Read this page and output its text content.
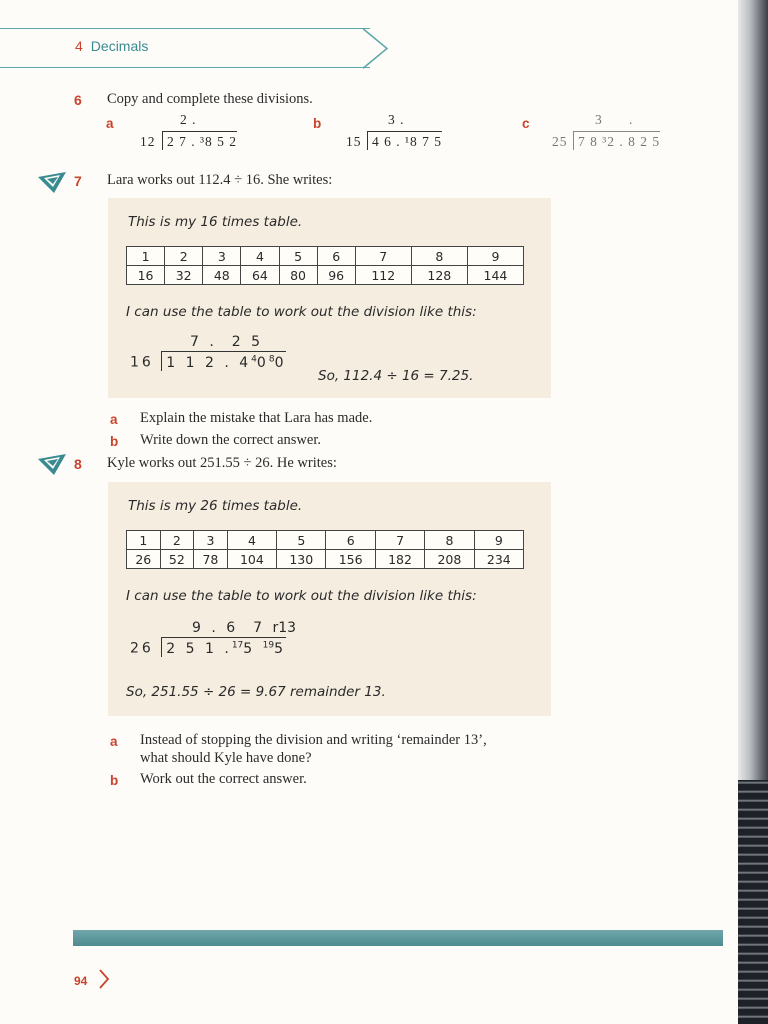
4 Decimals
6 Copy and complete these divisions.
a	2 .
12 2 7 . ³8 5 2
b	3 .
15 4 6 . ¹8 7 5
c	3      .
25 7 8 ³2 . 8 2 5
7 Lara works out 112.4 ÷ 16. She writes:
This is my 16 times table.
1	2	3	4	5	6	7	8	9
16	32	48	64	80	96	112	128	144
I can use the table to work out the division like this:
7 .  2 5
16 1 1 2 . $4^40^80$
So, 112.4 ÷ 16 = 7.25.
a Explain the mistake that Lara has made.
b Write down the correct answer.
8 Kyle works out 251.55 ÷ 26. He writes:
This is my 26 times table.
1	2	3	4	5	6	7	8	9
26	52	78	104	130	156	182	208	234
I can use the table to work out the division like this:
9 . 6  7 r13
26 2 5 1 .$^{17}$5 $^{19}$5
So, 251.55 ÷ 26 = 9.67 remainder 13.
a Instead of stopping the division and writing ‘remainder 13’,
what should Kyle have done?
b Work out the correct answer.
94
